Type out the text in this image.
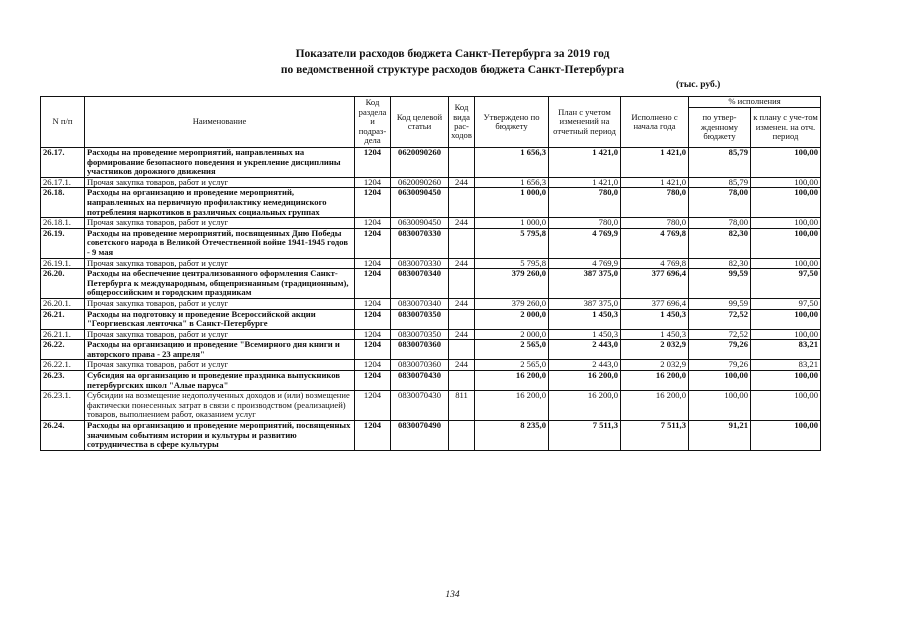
Показатели расходов бюджета Санкт-Петербурга за 2019 год
по ведомственной структуре расходов бюджета Санкт-Петербурга
(тыс. руб.)
N п/п	Наименование	Код раздела и подраз-дела	Код целевой статьи	Код вида рас-ходов	Утверждено по бюджету	План с учетом изменений на отчетный период	Исполнено с начала года	% исполнения	
								по утвер-жденному бюджету	к плану с уче-том изменен. на отч. период
26.17.	Расходы на проведение мероприятий, направленных на формирование безопасного поведения и укрепление дисциплины участников дорожного движения	1204	0620090260		1 656,3	1 421,0	1 421,0	85,79	100,00
26.17.1.	Прочая закупка товаров, работ и услуг	1204	0620090260	244	1 656,3	1 421,0	1 421,0	85,79	100,00
26.18.	Расходы на организацию и проведение мероприятий, направленных на первичную профилактику немедицинского потребления наркотиков в различных социальных группах	1204	0630090450		1 000,0	780,0	780,0	78,00	100,00
26.18.1.	Прочая закупка товаров, работ и услуг	1204	0630090450	244	1 000,0	780,0	780,0	78,00	100,00
26.19.	Расходы на проведение мероприятий, посвященных Дню Победы советского народа в Великой Отечественной войне 1941-1945 годов - 9 мая	1204	0830070330		5 795,8	4 769,9	4 769,8	82,30	100,00
26.19.1.	Прочая закупка товаров, работ и услуг	1204	0830070330	244	5 795,8	4 769,9	4 769,8	82,30	100,00
26.20.	Расходы на обеспечение централизованного оформления Санкт-Петербурга к международным, общепризнанным (традиционным), общероссийским и городским праздникам	1204	0830070340		379 260,0	387 375,0	377 696,4	99,59	97,50
26.20.1.	Прочая закупка товаров, работ и услуг	1204	0830070340	244	379 260,0	387 375,0	377 696,4	99,59	97,50
26.21.	Расходы на подготовку и проведение Всероссийской акции "Георгиевская ленточка" в Санкт-Петербурге	1204	0830070350		2 000,0	1 450,3	1 450,3	72,52	100,00
26.21.1.	Прочая закупка товаров, работ и услуг	1204	0830070350	244	2 000,0	1 450,3	1 450,3	72,52	100,00
26.22.	Расходы на организацию и проведение "Всемирного дня книги и авторского права - 23 апреля"	1204	0830070360		2 565,0	2 443,0	2 032,9	79,26	83,21
26.22.1.	Прочая закупка товаров, работ и услуг	1204	0830070360	244	2 565,0	2 443,0	2 032,9	79,26	83,21
26.23.	Субсидия на организацию и проведение праздника выпускников петербургских школ "Алые паруса"	1204	0830070430		16 200,0	16 200,0	16 200,0	100,00	100,00
26.23.1.	Субсидии на возмещение недополученных доходов и (или) возмещение фактически понесенных затрат в связи с производством (реализацией) товаров, выполнением работ, оказанием услуг	1204	0830070430	811	16 200,0	16 200,0	16 200,0	100,00	100,00
26.24.	Расходы на организацию и проведение мероприятий, посвященных значимым событиям истории и культуры и развитию сотрудничества в сфере культуры	1204	0830070490		8 235,0	7 511,3	7 511,3	91,21	100,00
134
